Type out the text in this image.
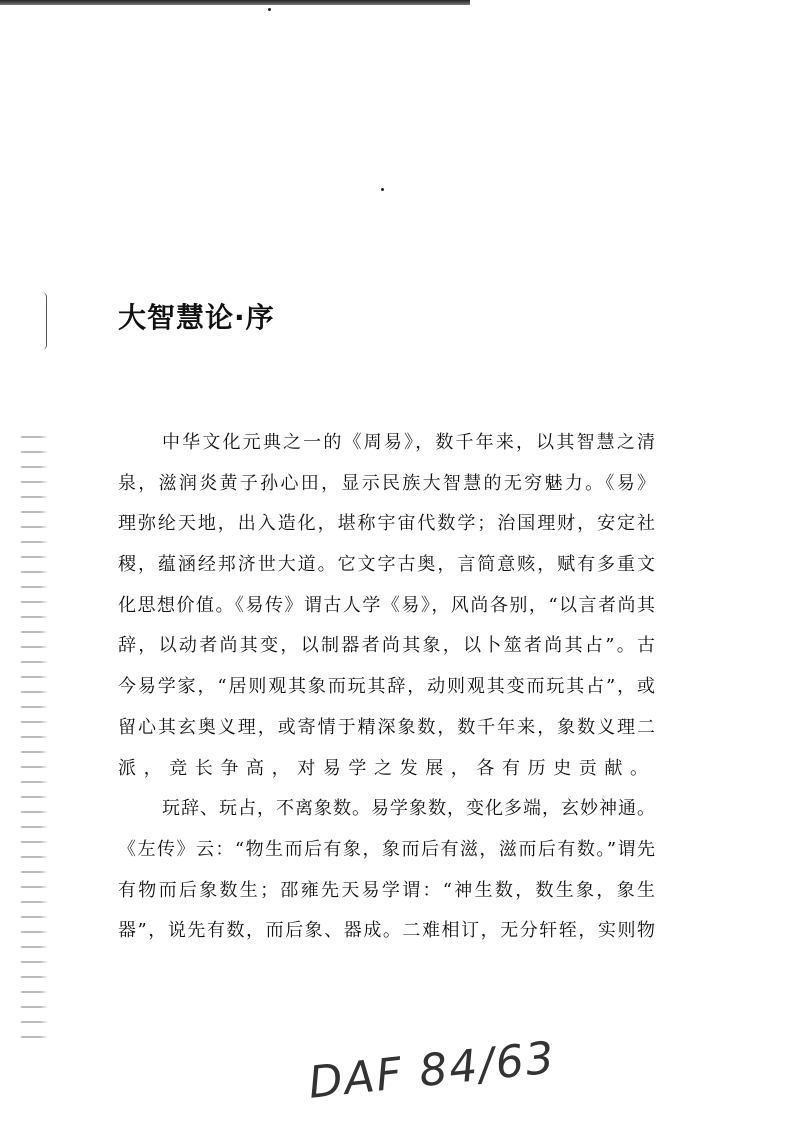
大智慧论·序
中华文化元典之一的《周易》，数千年来，以其智慧之清
泉，滋润炎黄子孙心田，显示民族大智慧的无穷魅力。《易》
理弥纶天地，出入造化，堪称宇宙代数学；治国理财，安定社
稷，蕴涵经邦济世大道。它文字古奥，言简意赅，赋有多重文
化思想价值。《易传》谓古人学《易》，风尚各别，“以言者尚其
辞，以动者尚其变，以制器者尚其象，以卜筮者尚其占”。古
今易学家，“居则观其象而玩其辞，动则观其变而玩其占”，或
留心其玄奥义理，或寄情于精深象数，数千年来，象数义理二
派，竞长争高，对易学之发展，各有历史贡献。
玩辞、玩占，不离象数。易学象数，变化多端，玄妙神通。
《左传》云：“物生而后有象，象而后有滋，滋而后有数。”谓先
有物而后象数生；邵雍先天易学谓：“神生数，数生象，象生
器”，说先有数，而后象、器成。二难相订，无分轩轾，实则物
DAF 84/63
